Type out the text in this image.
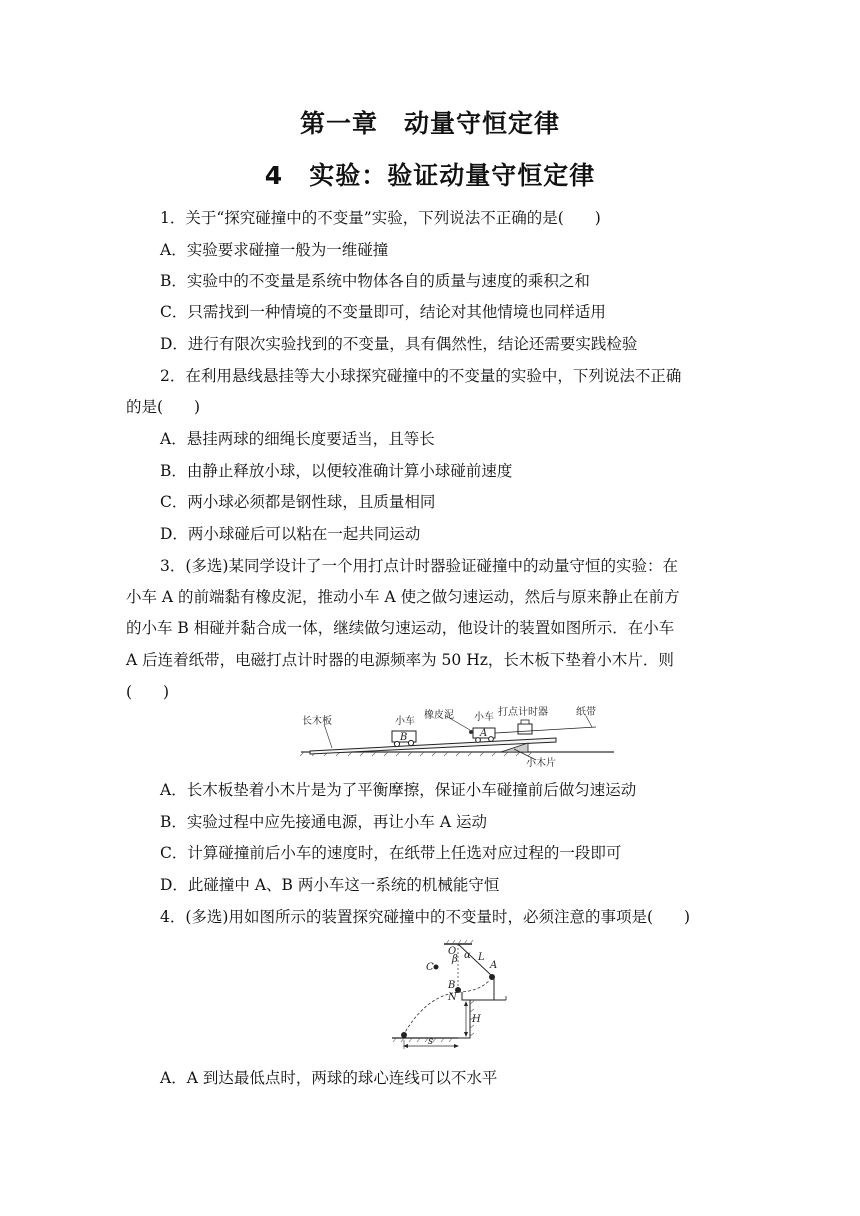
第一章　动量守恒定律
4　实验：验证动量守恒定律
1．关于“探究碰撞中的不变量”实验，下列说法不正确的是(　　)
A．实验要求碰撞一般为一维碰撞
B．实验中的不变量是系统中物体各自的质量与速度的乘积之和
C．只需找到一种情境的不变量即可，结论对其他情境也同样适用
D．进行有限次实验找到的不变量，具有偶然性，结论还需要实践检验
2．在利用悬线悬挂等大小球探究碰撞中的不变量的实验中，下列说法不正确
的是(　　)
A．悬挂两球的细绳长度要适当，且等长
B．由静止释放小球，以便较准确计算小球碰前速度
C．两小球必须都是钢性球，且质量相同
D．两小球碰后可以粘在一起共同运动
3．(多选)某同学设计了一个用打点计时器验证碰撞中的动量守恒的实验：在
小车 A 的前端黏有橡皮泥，推动小车 A 使之做匀速运动，然后与原来静止在前方
的小车 B 相碰并黏合成一体，继续做匀速运动，他设计的装置如图所示．在小车
A 后连着纸带，电磁打点计时器的电源频率为 50 Hz，长木板下垫着小木片．则
(　　)
长木板	小车
B
橡皮泥 小车
A
打点计时器	纸带
小木片
A．长木板垫着小木片是为了平衡摩擦，保证小车碰撞前后做匀速运动
B．实验过程中应先接通电源，再让小车 A 运动
C．计算碰撞前后小车的速度时，在纸带上任选对应过程的一段即可
D．此碰撞中 A、B 两小车这一系统的机械能守恒
4．(多选)用如图所示的装置探究碰撞中的不变量时，必须注意的事项是(　　)
O
β α L
A
B
C
N
H
s
A．A 到达最低点时，两球的球心连线可以不水平
